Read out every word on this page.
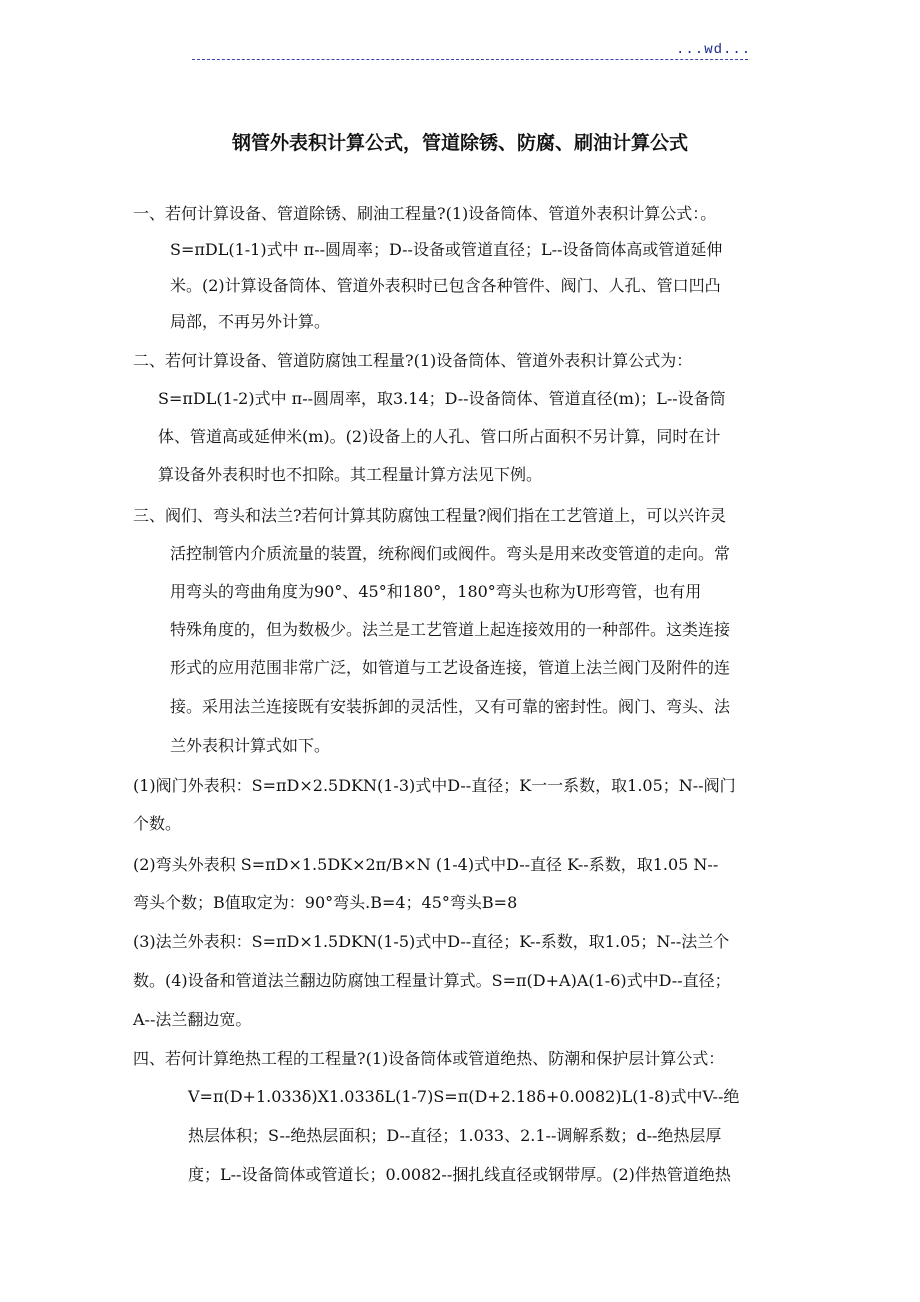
...wd...
钢管外表积计算公式，管道除锈、防腐、刷油计算公式
一、若何计算设备、管道除锈、刷油工程量?(1)设备筒体、管道外表积计算公式：。
S=πDL(1-1)式中 π--圆周率；D--设备或管道直径；L--设备筒体高或管道延伸
米。(2)计算设备筒体、管道外表积时已包含各种管件、阀门、人孔、管口凹凸
局部，不再另外计算。
二、若何计算设备、管道防腐蚀工程量?(1)设备筒体、管道外表积计算公式为：
S=πDL(1-2)式中 π--圆周率，取3.14；D--设备筒体、管道直径(m)；L--设备筒
体、管道高或延伸米(m)。(2)设备上的人孔、管口所占面积不另计算，同时在计
算设备外表积时也不扣除。其工程量计算方法见下例。
三、阀们、弯头和法兰?若何计算其防腐蚀工程量?阀们指在工艺管道上，可以兴许灵
活控制管内介质流量的装置，统称阀们或阀件。弯头是用来改变管道的走向。常
用弯头的弯曲角度为90°、45°和180°，180°弯头也称为U形弯管，也有用
特殊角度的，但为数极少。法兰是工艺管道上起连接效用的一种部件。这类连接
形式的应用范围非常广泛，如管道与工艺设备连接，管道上法兰阀门及附件的连
接。采用法兰连接既有安装拆卸的灵活性，又有可靠的密封性。阀门、弯头、法
兰外表积计算式如下。
(1)阀门外表积：S=πD×2.5DKN(1-3)式中D--直径；K一一系数，取1.05；N--阀门
个数。
(2)弯头外表积 S=πD×1.5DK×2π/B×N (1-4)式中D--直径 K--系数，取1.05 N--
弯头个数；B值取定为：90°弯头.B=4；45°弯头B=8
(3)法兰外表积：S=πD×1.5DKN(1-5)式中D--直径；K--系数，取1.05；N--法兰个
数。(4)设备和管道法兰翻边防腐蚀工程量计算式。S=π(D+A)A(1-6)式中D--直径；
A--法兰翻边宽。
四、若何计算绝热工程的工程量?(1)设备筒体或管道绝热、防潮和保护层计算公式：
V=π(D+1.033δ)X1.033δL(1-7)S=π(D+2.18δ+0.0082)L(1-8)式中V--绝
热层体积；S--绝热层面积；D--直径；1.033、2.1--调解系数；d--绝热层厚
度；L--设备筒体或管道长；0.0082--捆扎线直径或钢带厚。(2)伴热管道绝热
